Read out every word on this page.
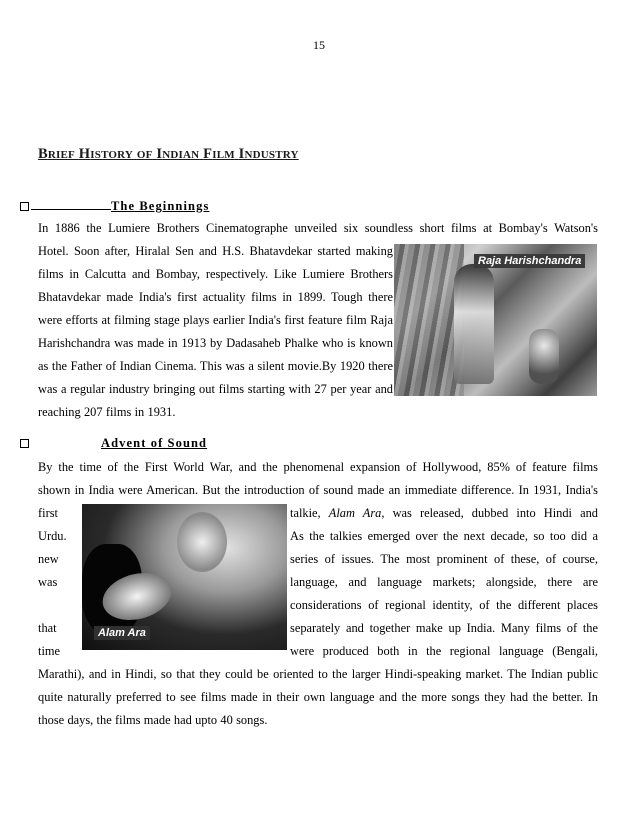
15
BRIEF HISTORY OF INDIAN FILM INDUSTRY
The Beginnings
In 1886 the Lumiere Brothers Cinematographe unveiled six soundless short films at Bombay's Watson's
Hotel. Soon after, Hiralal Sen and H.S. Bhatavdekar started making
films in Calcutta and Bombay, respectively. Like Lumiere Brothers
Bhatavdekar made India's first actuality films in 1899. Tough there
were efforts at filming stage plays earlier India's first feature film Raja
Harishchandra was made in 1913 by Dadasaheb Phalke who is known
as the Father of Indian Cinema. This was a silent movie.By 1920 there
was a regular industry bringing out films starting with 27 per year and
reaching 207 films in 1931.
Raja Harishchandra
Advent of Sound
By the time of the First World War, and the phenomenal expansion of Hollywood, 85% of feature films
shown in India were American. But the introduction of sound made an immediate difference. In 1931, India's
first
Urdu.
new
was
that
time
Alam Ara
talkie, Alam Ara, was released, dubbed into Hindi and
As the talkies emerged over the next decade, so too did a
series of issues. The most prominent of these, of course,
language, and language markets; alongside, there are
considerations of regional identity, of the different places
separately and together make up India. Many films of the
were produced both in the regional language (Bengali,
Marathi), and in Hindi, so that they could be oriented to the larger Hindi-speaking market. The Indian public
quite naturally preferred to see films made in their own language and the more songs they had the better. In
those days, the films made had upto 40 songs.
